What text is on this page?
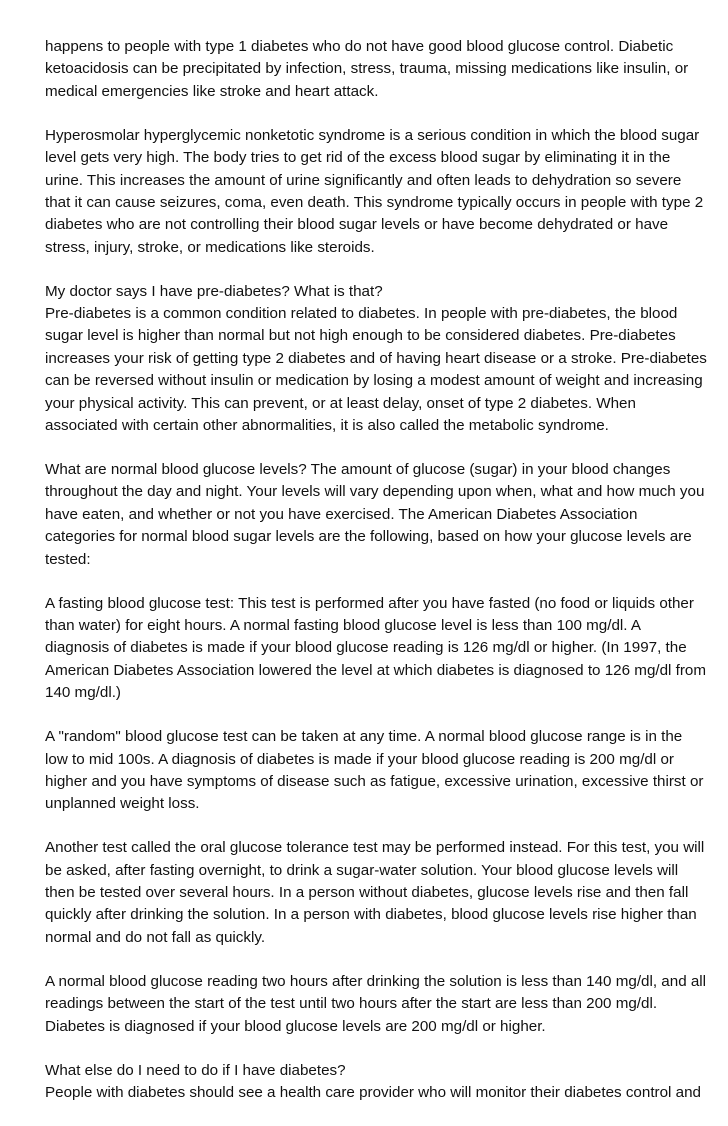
happens to people with type 1 diabetes who do not have good blood glucose control. Diabetic
ketoacidosis can be precipitated by infection, stress, trauma, missing medications like insulin, or
medical emergencies like stroke and heart attack.

Hyperosmolar hyperglycemic nonketotic syndrome is a serious condition in which the blood sugar
level gets very high. The body tries to get rid of the excess blood sugar by eliminating it in the
urine. This increases the amount of urine significantly and often leads to dehydration so severe
that it can cause seizures, coma, even death. This syndrome typically occurs in people with type 2
diabetes who are not controlling their blood sugar levels or have become dehydrated or have
stress, injury, stroke, or medications like steroids.

My doctor says I have pre-diabetes? What is that?
Pre-diabetes is a common condition related to diabetes. In people with pre-diabetes, the blood
sugar level is higher than normal but not high enough to be considered diabetes. Pre-diabetes
increases your risk of getting type 2 diabetes and of having heart disease or a stroke. Pre-diabetes
can be reversed without insulin or medication by losing a modest amount of weight and increasing
your physical activity. This can prevent, or at least delay, onset of type 2 diabetes. When
associated with certain other abnormalities, it is also called the metabolic syndrome.

What are normal blood glucose levels? The amount of glucose (sugar) in your blood changes
throughout the day and night. Your levels will vary depending upon when, what and how much you
have eaten, and whether or not you have exercised. The American Diabetes Association
categories for normal blood sugar levels are the following, based on how your glucose levels are
tested:

A fasting blood glucose test: This test is performed after you have fasted (no food or liquids other
than water) for eight hours. A normal fasting blood glucose level is less than 100 mg/dl. A
diagnosis of diabetes is made if your blood glucose reading is 126 mg/dl or higher. (In 1997, the
American Diabetes Association lowered the level at which diabetes is diagnosed to 126 mg/dl from
140 mg/dl.)

A "random" blood glucose test can be taken at any time. A normal blood glucose range is in the
low to mid 100s. A diagnosis of diabetes is made if your blood glucose reading is 200 mg/dl or
higher and you have symptoms of disease such as fatigue, excessive urination, excessive thirst or
unplanned weight loss.

Another test called the oral glucose tolerance test may be performed instead. For this test, you will
be asked, after fasting overnight, to drink a sugar-water solution. Your blood glucose levels will
then be tested over several hours. In a person without diabetes, glucose levels rise and then fall
quickly after drinking the solution. In a person with diabetes, blood glucose levels rise higher than
normal and do not fall as quickly.

A normal blood glucose reading two hours after drinking the solution is less than 140 mg/dl, and all
readings between the start of the test until two hours after the start are less than 200 mg/dl.
Diabetes is diagnosed if your blood glucose levels are 200 mg/dl or higher.

What else do I need to do if I have diabetes?
People with diabetes should see a health care provider who will monitor their diabetes control and
